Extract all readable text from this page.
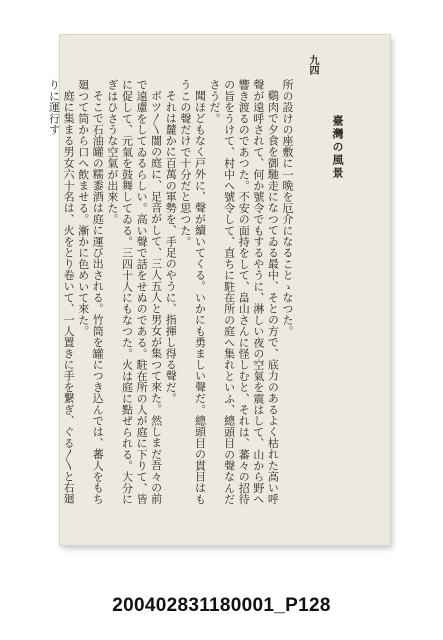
九四
臺灣の風景

所の設けの座敷に一晩を厄介になることゝなつた。

鷄肉で夕食を御馳走になつてゐる最中、そとの方で、底力のあるよく枯れた高い呼聲が遠呼されて、何か號令でもするやうに、淋しい夜の空氣を震はして、山から野へ響き渡るのであつた。不安の面持をして、畠山さんに怪しむと、それは、蕃々の招待の旨をうけて、村中へ號令して、直ちに駐在所の庭へ集れといふ、總頭目の聲なんださうだ。

聞ほどもなく戸外に、聲が續いてくる。いかにも勇ましい聲だ。總頭目の貫目はもうこの聲だけで十分だと思つた。

それは麓かに百萬の軍勢を、手足のやうに、指揮し得る聲だ。

ボツ〳〵闇の庭に、足音がして、三人五人と男女が集つて來た。然しまだ吾々の前で遠慮をしてゐるらしい。高い聲で話をせぬのである。駐在所の人が庭に下りて、皆に促して、元氣を鼓舞してゐる。三四十人にもなつた。火は庭に點ぜられる。大分にぎはひさうな空氣が出來た。

そこで石油罐の糯黍酒は庭に運び出される。竹筒を罐につき込んでは、蕃人をもち廻つて筒から口へ飲ませる。漸かに色めいて來た。

庭に集まる男女六十名は、火をとり卷いて、一人置きに手を繋ぎ、ぐる〳〵と右廻りに運行す

200402831180001_P128
